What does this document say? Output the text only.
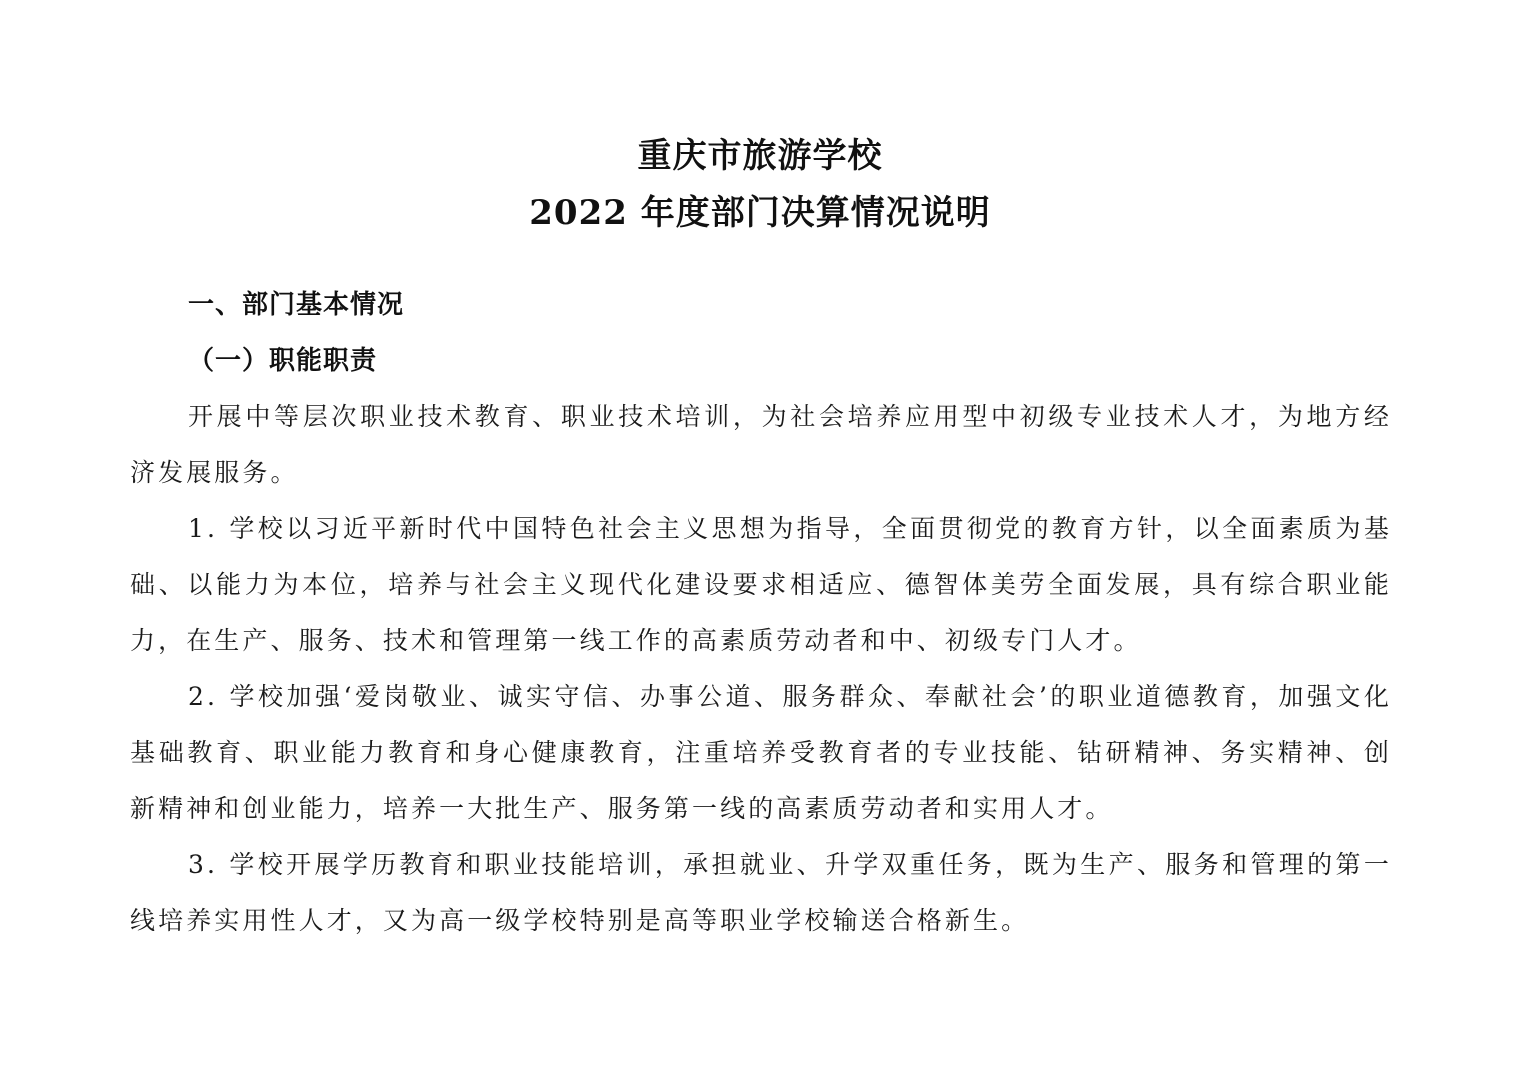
重庆市旅游学校
2022 年度部门决算情况说明
一、部门基本情况
（一）职能职责

开展中等层次职业技术教育、职业技术培训，为社会培养应用型中初级专业技术人才，为地方经济发展服务。

1. 学校以习近平新时代中国特色社会主义思想为指导，全面贯彻党的教育方针，以全面素质为基础、以能力为本位，培养与社会主义现代化建设要求相适应、德智体美劳全面发展，具有综合职业能力，在生产、服务、技术和管理第一线工作的高素质劳动者和中、初级专门人才。

2. 学校加强‘爱岗敬业、诚实守信、办事公道、服务群众、奉献社会’的职业道德教育，加强文化基础教育、职业能力教育和身心健康教育，注重培养受教育者的专业技能、钻研精神、务实精神、创新精神和创业能力，培养一大批生产、服务第一线的高素质劳动者和实用人才。

3. 学校开展学历教育和职业技能培训，承担就业、升学双重任务，既为生产、服务和管理的第一线培养实用性人才，又为高一级学校特别是高等职业学校输送合格新生。
